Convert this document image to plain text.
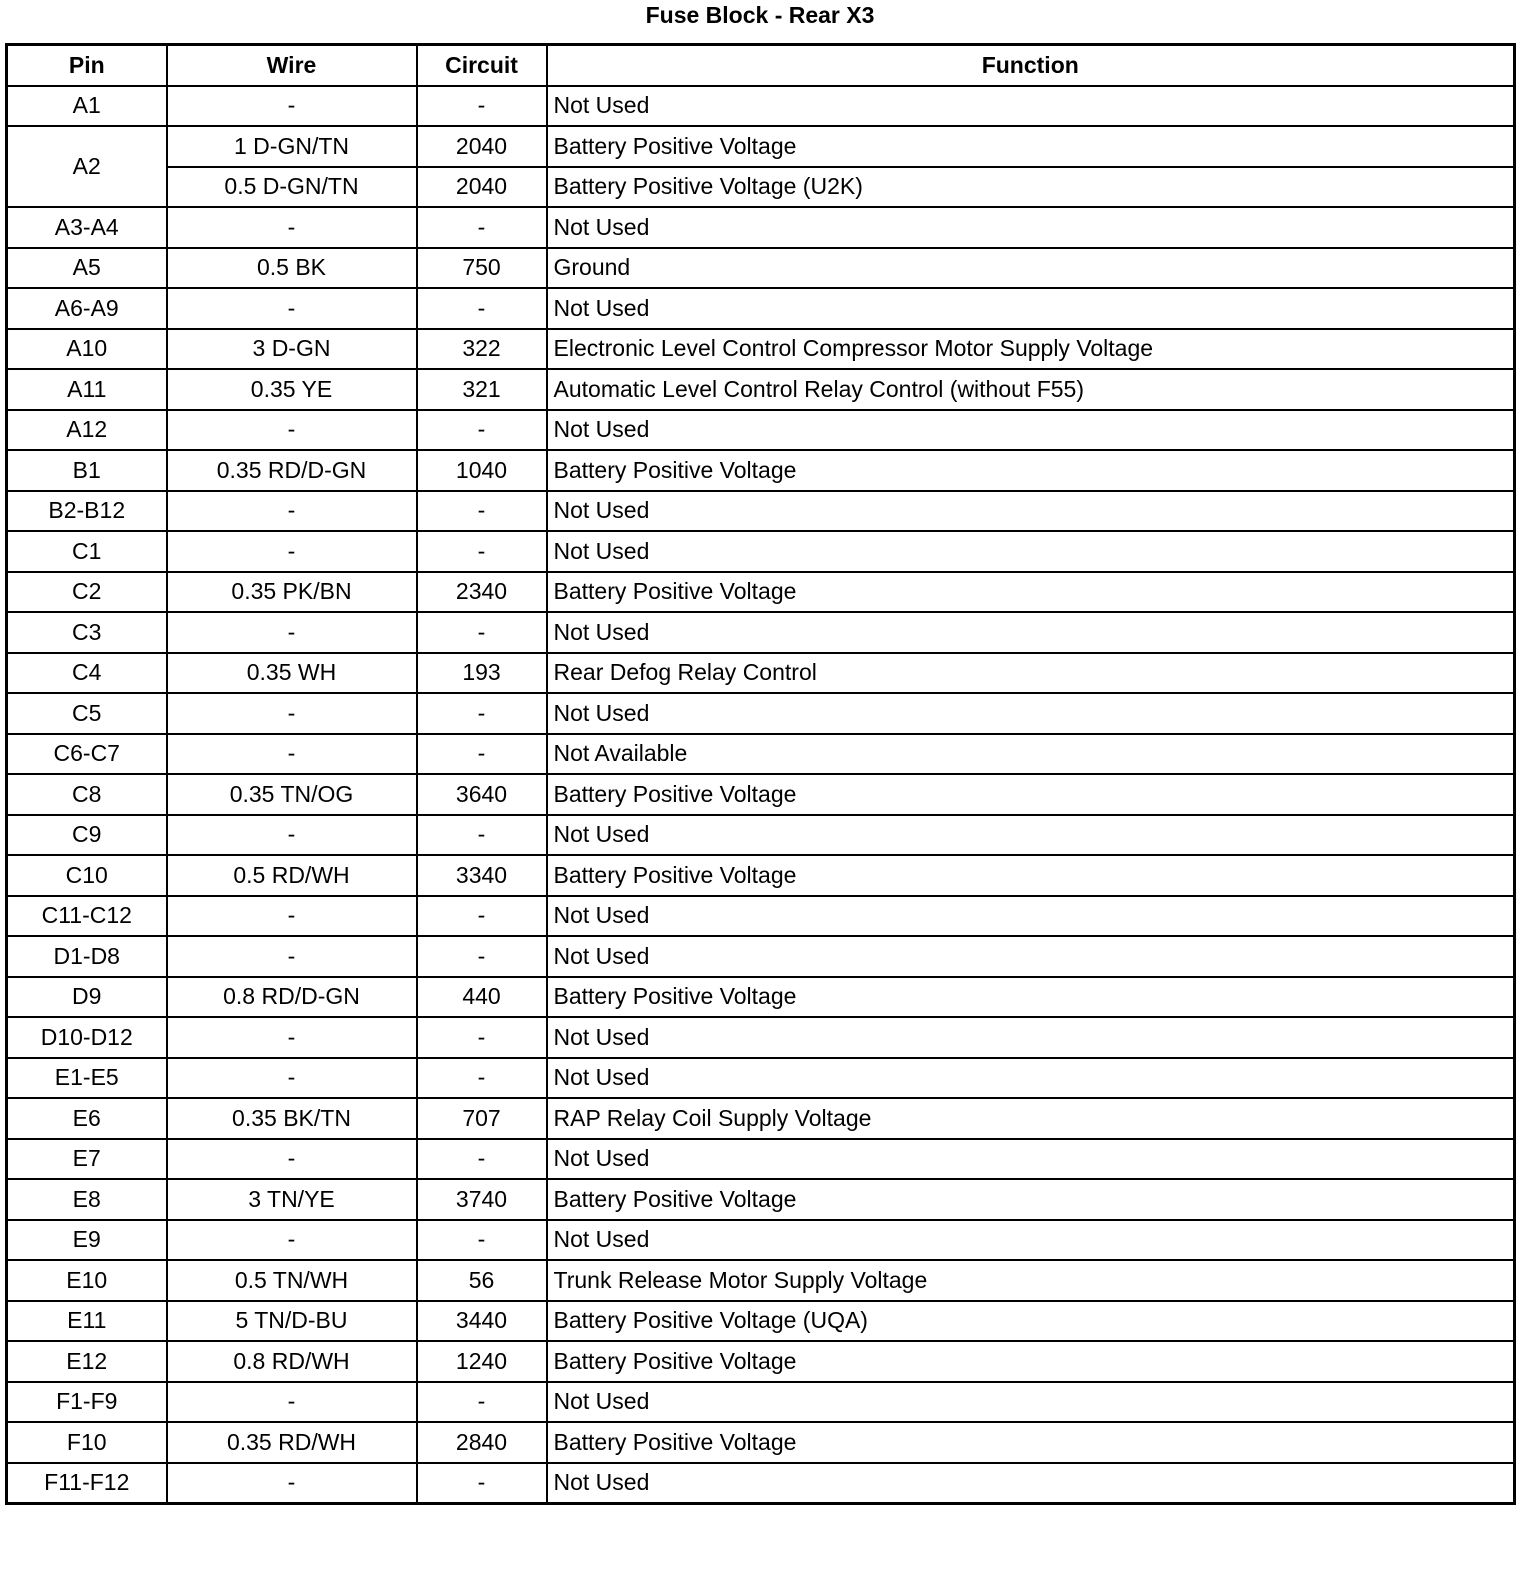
Fuse Block - Rear X3
Pin	Wire	Circuit	Function
A1	-	-	Not Used
A2	1 D-GN/TN	2040	Battery Positive Voltage
	0.5 D-GN/TN	2040	Battery Positive Voltage (U2K)
A3-A4	-	-	Not Used
A5	0.5 BK	750	Ground
A6-A9	-	-	Not Used
A10	3 D-GN	322	Electronic Level Control Compressor Motor Supply Voltage
A11	0.35 YE	321	Automatic Level Control Relay Control (without F55)
A12	-	-	Not Used
B1	0.35 RD/D-GN	1040	Battery Positive Voltage
B2-B12	-	-	Not Used
C1	-	-	Not Used
C2	0.35 PK/BN	2340	Battery Positive Voltage
C3	-	-	Not Used
C4	0.35 WH	193	Rear Defog Relay Control
C5	-	-	Not Used
C6-C7	-	-	Not Available
C8	0.35 TN/OG	3640	Battery Positive Voltage
C9	-	-	Not Used
C10	0.5 RD/WH	3340	Battery Positive Voltage
C11-C12	-	-	Not Used
D1-D8	-	-	Not Used
D9	0.8 RD/D-GN	440	Battery Positive Voltage
D10-D12	-	-	Not Used
E1-E5	-	-	Not Used
E6	0.35 BK/TN	707	RAP Relay Coil Supply Voltage
E7	-	-	Not Used
E8	3 TN/YE	3740	Battery Positive Voltage
E9	-	-	Not Used
E10	0.5 TN/WH	56	Trunk Release Motor Supply Voltage
E11	5 TN/D-BU	3440	Battery Positive Voltage (UQA)
E12	0.8 RD/WH	1240	Battery Positive Voltage
F1-F9	-	-	Not Used
F10	0.35 RD/WH	2840	Battery Positive Voltage
F11-F12	-	-	Not Used
